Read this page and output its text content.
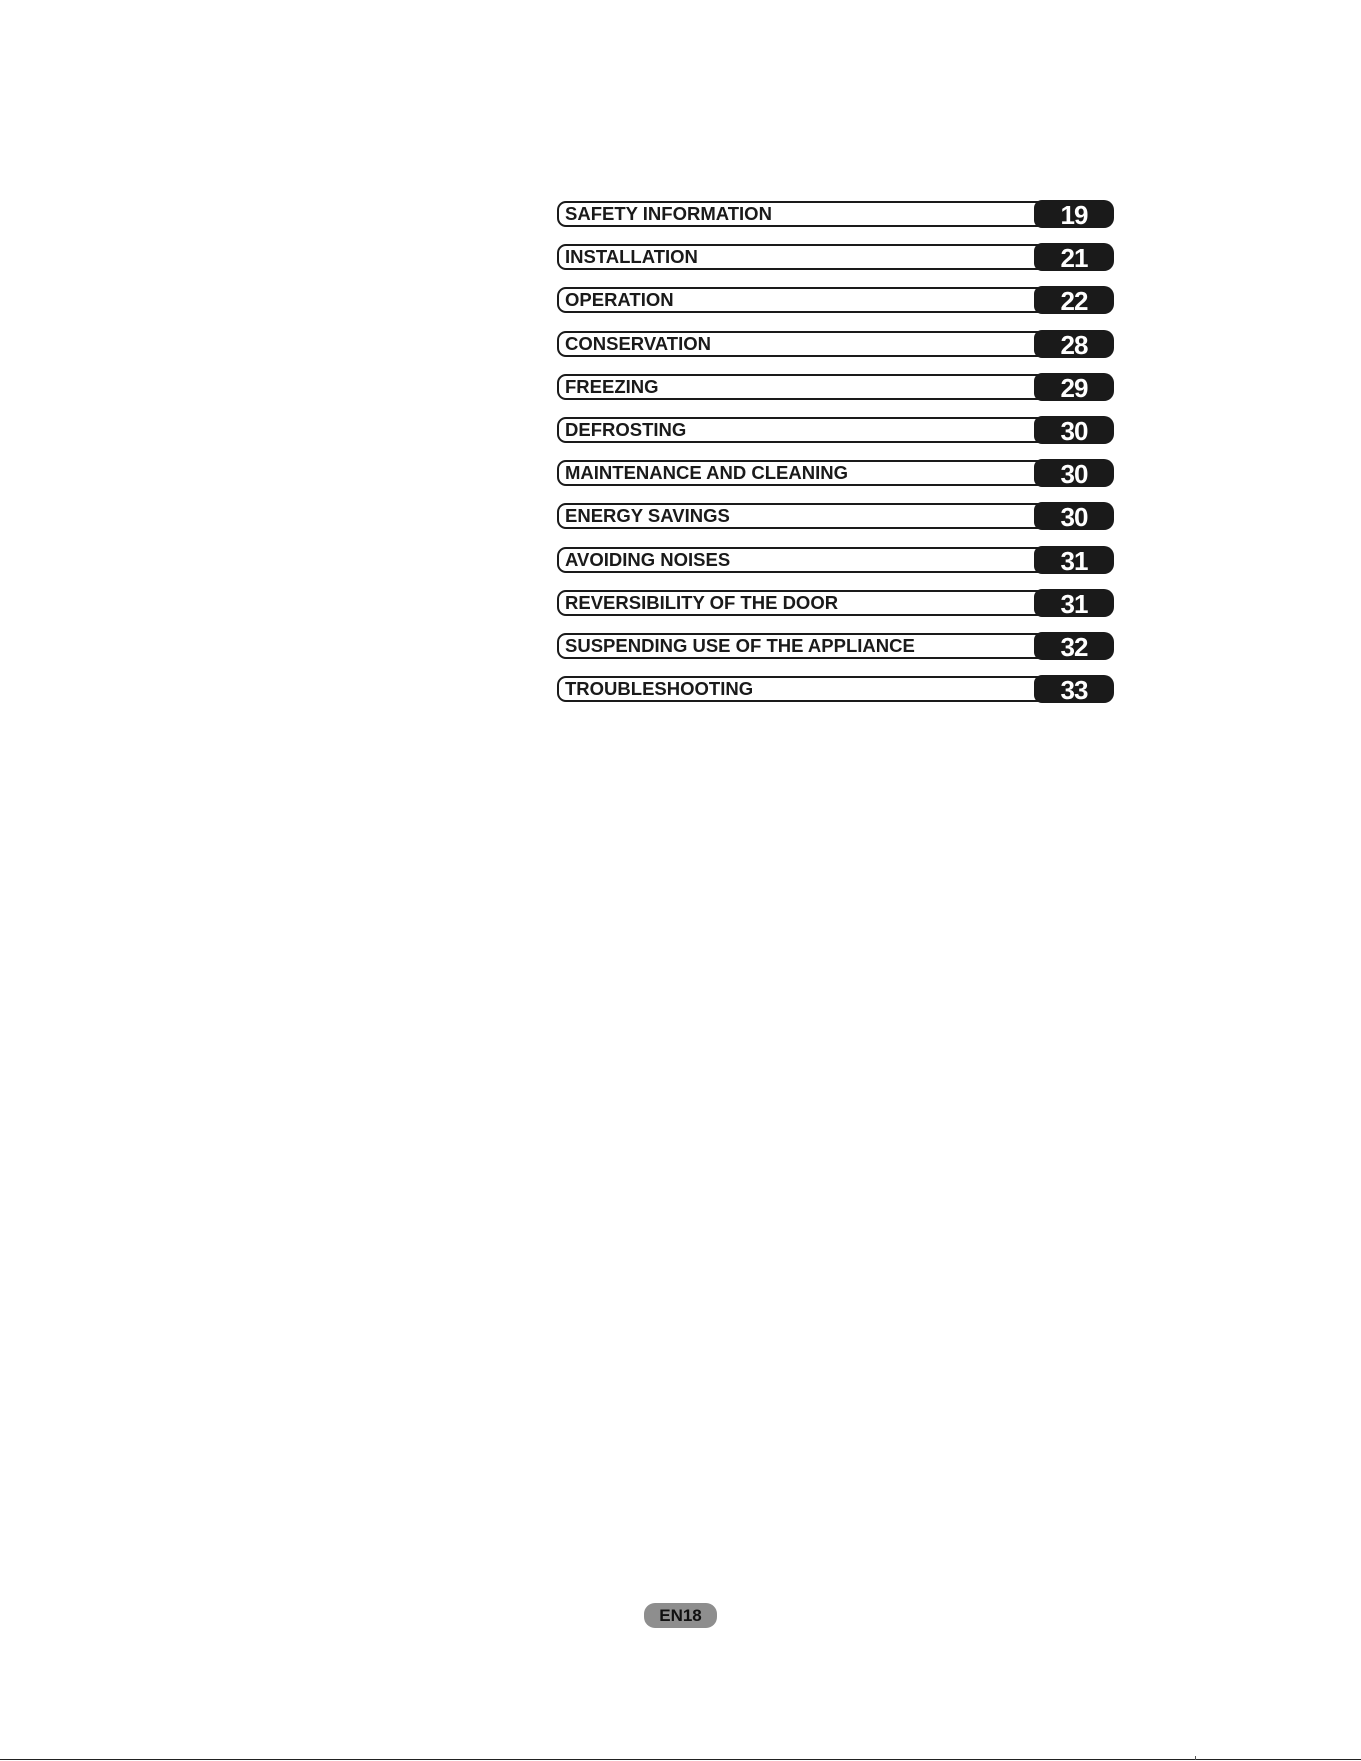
SAFETY INFORMATION	19
INSTALLATION	21
OPERATION	22
CONSERVATION	28
FREEZING	29
DEFROSTING	30
MAINTENANCE AND CLEANING	30
ENERGY SAVINGS	30
AVOIDING NOISES	31
REVERSIBILITY OF THE DOOR	31
SUSPENDING USE OF THE APPLIANCE	32
TROUBLESHOOTING	33
EN18
